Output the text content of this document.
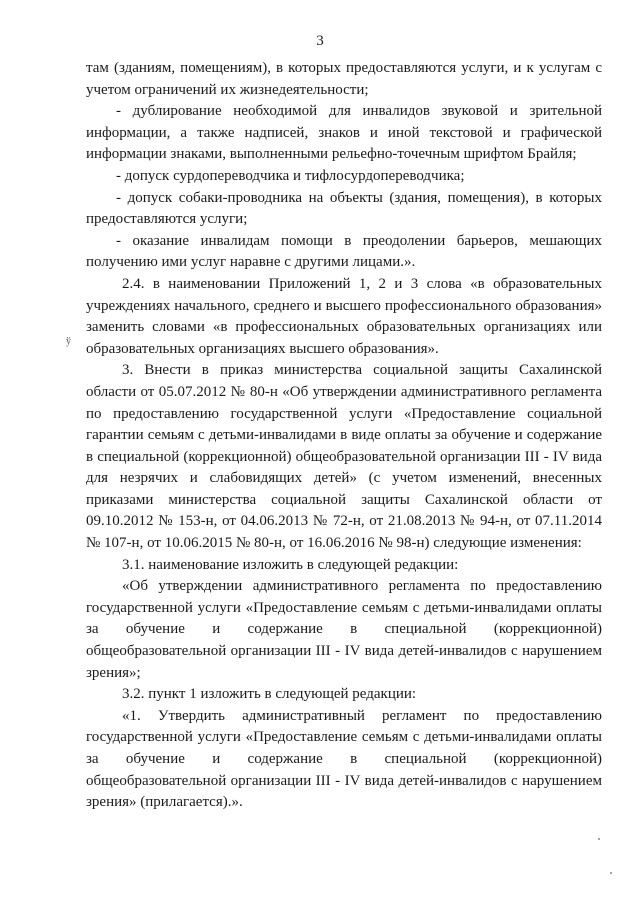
3
ў

там (зданиям, помещениям), в которых предоставляются услуги, и к услугам с учетом ограничений их жизнедеятельности;

- дублирование необходимой для инвалидов звуковой и зрительной информации, а также надписей, знаков и иной текстовой и графической информации знаками, выполненными рельефно-точечным шрифтом Брайля;

- допуск сурдопереводчика и тифлосурдопереводчика;

- допуск собаки-проводника на объекты (здания, помещения), в которых предоставляются услуги;

- оказание инвалидам помощи в преодолении барьеров, мешающих получению ими услуг наравне с другими лицами.».

2.4. в наименовании Приложений 1, 2 и 3 слова «в образовательных учреждениях начального, среднего и высшего профессионального образования» заменить словами «в профессиональных образовательных организациях или образовательных организациях высшего образования».

3. Внести в приказ министерства социальной защиты Сахалинской области от 05.07.2012 № 80-н «Об утверждении административного регламента по предоставлению государственной услуги «Предоставление социальной гарантии семьям с детьми-инвалидами в виде оплаты за обучение и содержание в специальной (коррекционной) общеобразовательной организации III - IV вида для незрячих и слабовидящих детей» (с учетом изменений, внесенных приказами министерства социальной защиты Сахалинской области от 09.10.2012 № 153-н, от 04.06.2013 № 72-н, от 21.08.2013 № 94-н, от 07.11.2014 № 107-н, от 10.06.2015 № 80-н, от 16.06.2016 № 98-н) следующие изменения:

3.1. наименование изложить в следующей редакции:

«Об утверждении административного регламента по предоставлению государственной услуги «Предоставление семьям с детьми-инвалидами оплаты за обучение и содержание в специальной (коррекционной) общеобразовательной организации III - IV вида детей-инвалидов с нарушением зрения»;

3.2. пункт 1 изложить в следующей редакции:

«1. Утвердить административный регламент по предоставлению государственной услуги «Предоставление семьям с детьми-инвалидами оплаты за обучение и содержание в специальной (коррекционной) общеобразовательной организации III - IV вида детей-инвалидов с нарушением зрения» (прилагается).».
